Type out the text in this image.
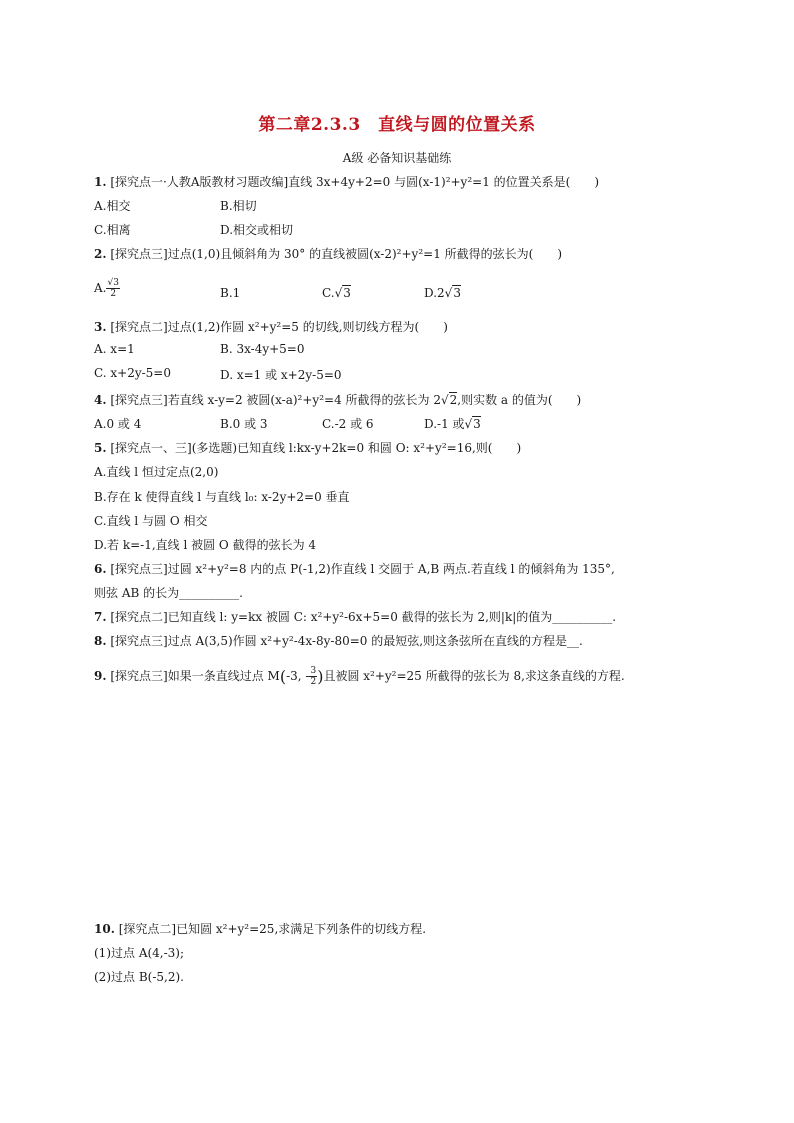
第二章2.3.3　直线与圆的位置关系
A级 必备知识基础练
1. [探究点一·人教A版教材习题改编]直线 3x+4y+2=0 与圆(x-1)²+y²=1 的位置关系是(　　)
A.相交	B.相切
C.相离	D.相交或相切
2. [探究点三]过点(1,0)且倾斜角为 30° 的直线被圆(x-2)²+y²=1 所截得的弦长为(　　)
A. $\frac{√3}{2}$	B.1	C.√3	D.2√3
3. [探究点二]过点(1,2)作圆 x²+y²=5 的切线,则切线方程为(　　)
A. x=1	B. 3x-4y+5=0
C. x+2y-5=0	D. x=1 或 x+2y-5=0
4. [探究点三]若直线 x-y=2 被圆(x-a)²+y²=4 所截得的弦长为 2√2,则实数 a 的值为(　　)
A.0 或 4	B.0 或 3	C.-2 或 6	D.-1 或√3
5. [探究点一、三](多选题)已知直线 l:kx-y+2k=0 和圆 O: x²+y²=16,则(　　)
A.直线 l 恒过定点(2,0)
B.存在 k 使得直线 l 与直线 l₀: x-2y+2=0 垂直
C.直线 l 与圆 O 相交
D.若 k=-1,直线 l 被圆 O 截得的弦长为 4
6. [探究点三]过圆 x²+y²=8 内的点 P(-1,2)作直线 l 交圆于 A,B 两点.若直线 l 的倾斜角为 135°,
则弦 AB 的长为__________.
7. [探究点二]已知直线 l: y=kx 被圆 C: x²+y²-6x+5=0 截得的弦长为 2,则|k|的值为__________.
8. [探究点三]过点 A(3,5)作圆 x²+y²-4x-8y-80=0 的最短弦,则这条弦所在直线的方程是__.
9. [探究点三]如果一条直线过点 M(-3, - $\frac{3}{2}$ )且被圆 x²+y²=25 所截得的弦长为 8,求这条直线的方程.
10. [探究点二]已知圆 x²+y²=25,求满足下列条件的切线方程.
(1)过点 A(4,-3);
(2)过点 B(-5,2).
